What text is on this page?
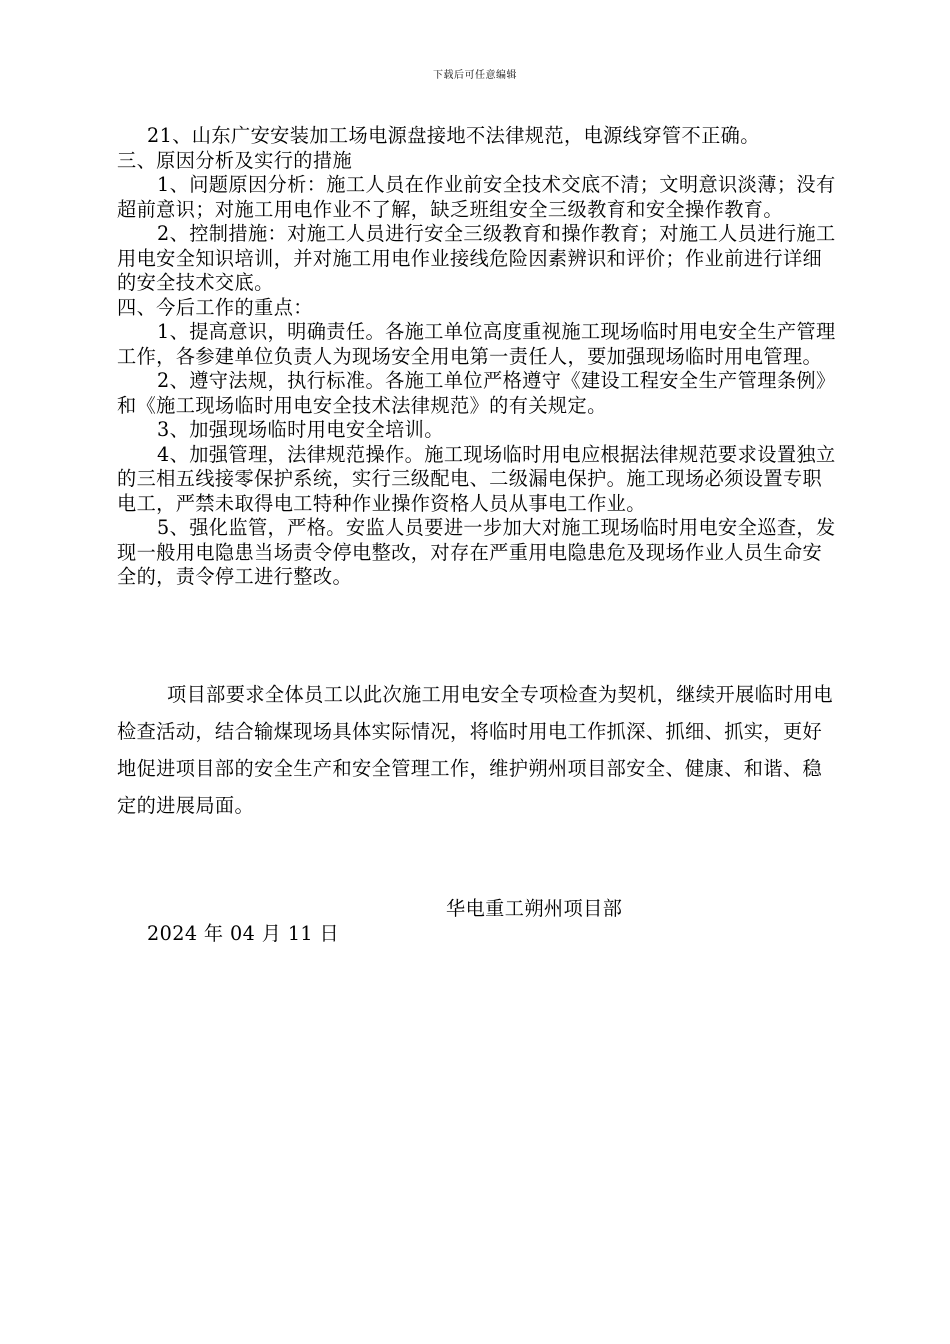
下载后可任意编辑

21、山东广安安装加工场电源盘接地不法律规范，电源线穿管不正确。

三、原因分析及实行的措施

1、问题原因分析：施工人员在作业前安全技术交底不清；文明意识淡薄；没有超前意识；对施工用电作业不了解，缺乏班组安全三级教育和安全操作教育。

2、控制措施：对施工人员进行安全三级教育和操作教育；对施工人员进行施工用电安全知识培训，并对施工用电作业接线危险因素辨识和评价；作业前进行详细的安全技术交底。

四、今后工作的重点：

1、提高意识，明确责任。各施工单位高度重视施工现场临时用电安全生产管理工作，各参建单位负责人为现场安全用电第一责任人，要加强现场临时用电管理。

2、遵守法规，执行标准。各施工单位严格遵守《建设工程安全生产管理条例》和《施工现场临时用电安全技术法律规范》的有关规定。

3、加强现场临时用电安全培训。

4、加强管理，法律规范操作。施工现场临时用电应根据法律规范要求设置独立的三相五线接零保护系统，实行三级配电、二级漏电保护。施工现场必须设置专职电工，严禁未取得电工特种作业操作资格人员从事电工作业。

5、强化监管，严格。安监人员要进一步加大对施工现场临时用电安全巡查，发现一般用电隐患当场责令停电整改，对存在严重用电隐患危及现场作业人员生命安全的，责令停工进行整改。

项目部要求全体员工以此次施工用电安全专项检查为契机，继续开展临时用电检查活动，结合输煤现场具体实际情况，将临时用电工作抓深、抓细、抓实，更好地促进项目部的安全生产和安全管理工作，维护朔州项目部安全、健康、和谐、稳定的进展局面。

华电重工朔州项目部
2024 年 04 月 11 日
